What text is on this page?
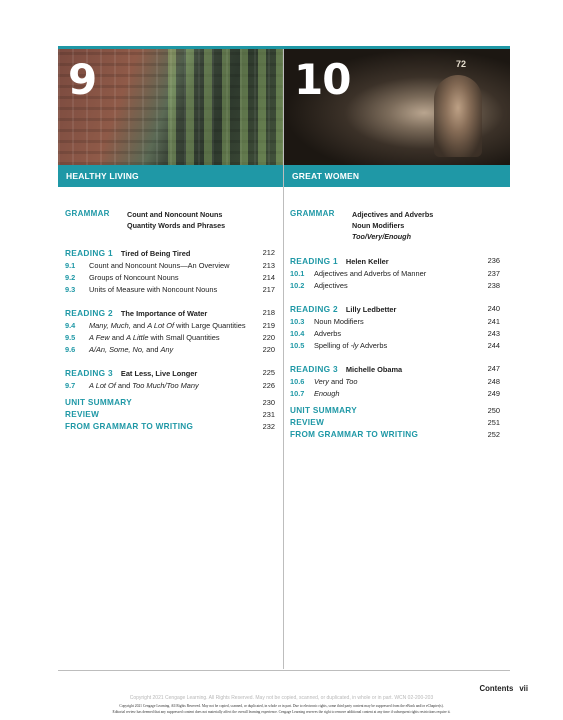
9
HEALTHY LIVING
72
10
GREAT WOMEN
GRAMMAR	Count and Noncount Nouns
Quantity Words and Phrases
READING 1 Tired of Being Tired	212
9.1	Count and Noncount Nouns—An Overview	213
9.2	Groups of Noncount Nouns	214
9.3	Units of Measure with Noncount Nouns	217
READING 2 The Importance of Water	218
9.4	Many, Much, and A Lot Of with Large Quantities	219
9.5	A Few and A Little with Small Quantities	220
9.6	A/An, Some, No, and Any	220
READING 3 Eat Less, Live Longer	225
9.7	A Lot Of and Too Much/Too Many	226
UNIT SUMMARY	230
REVIEW	231
FROM GRAMMAR TO WRITING	232
GRAMMAR	Adjectives and Adverbs
Noun Modifiers
Too/Very/Enough
READING 1 Helen Keller	236
10.1	Adjectives and Adverbs of Manner	237
10.2	Adjectives	238
READING 2 Lilly Ledbetter	240
10.3	Noun Modifiers	241
10.4	Adverbs	243
10.5	Spelling of -ly Adverbs	244
READING 3 Michelle Obama	247
10.6	Very and Too	248
10.7	Enough	249
UNIT SUMMARY	250
REVIEW	251
FROM GRAMMAR TO WRITING	252
Contents vii
Copyright 2021 Cengage Learning. All Rights Reserved. May not be copied, scanned, or duplicated, in whole or in part. WCN 02-200-203
Copyright 2021 Cengage Learning. All Rights Reserved. May not be copied, scanned, or duplicated, in whole or in part. Due to electronic rights, some third party content may be suppressed from the eBook and/or eChapter(s).
Editorial review has deemed that any suppressed content does not materially affect the overall learning experience. Cengage Learning reserves the right to remove additional content at any time if subsequent rights restrictions require it.
